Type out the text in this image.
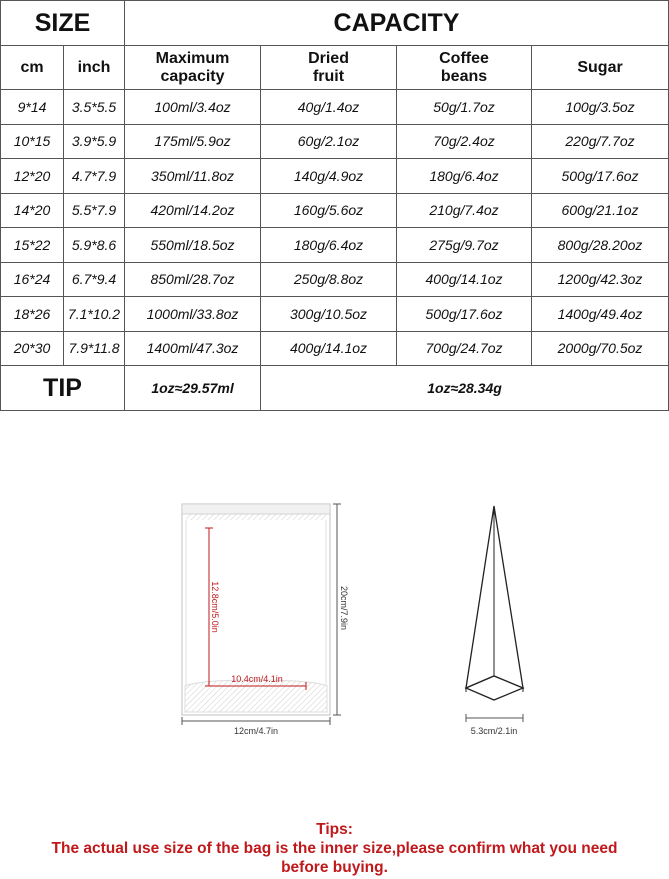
SIZE		CAPACITY			
cm	inch	Maximum capacity	Dried fruit	Coffee beans	Sugar
9*14	3.5*5.5	100ml/3.4oz	40g/1.4oz	50g/1.7oz	100g/3.5oz
10*15	3.9*5.9	175ml/5.9oz	60g/2.1oz	70g/2.4oz	220g/7.7oz
12*20	4.7*7.9	350ml/11.8oz	140g/4.9oz	180g/6.4oz	500g/17.6oz
14*20	5.5*7.9	420ml/14.2oz	160g/5.6oz	210g/7.4oz	600g/21.1oz
15*22	5.9*8.6	550ml/18.5oz	180g/6.4oz	275g/9.7oz	800g/28.20oz
16*24	6.7*9.4	850ml/28.7oz	250g/8.8oz	400g/14.1oz	1200g/42.3oz
18*26	7.1*10.2	1000ml/33.8oz	300g/10.5oz	500g/17.6oz	1400g/49.4oz
20*30	7.9*11.8	1400ml/47.3oz	400g/14.1oz	700g/24.7oz	2000g/70.5oz
TIP		1oz≈29.57ml	1oz≈28.34g		
12.8cm/5.0in
10.4cm/4.1in
20cm/7.9in
12cm/4.7in	5.3cm/2.1in
Tips:
The actual use size of the bag is the inner size,please confirm what you need
before buying.
